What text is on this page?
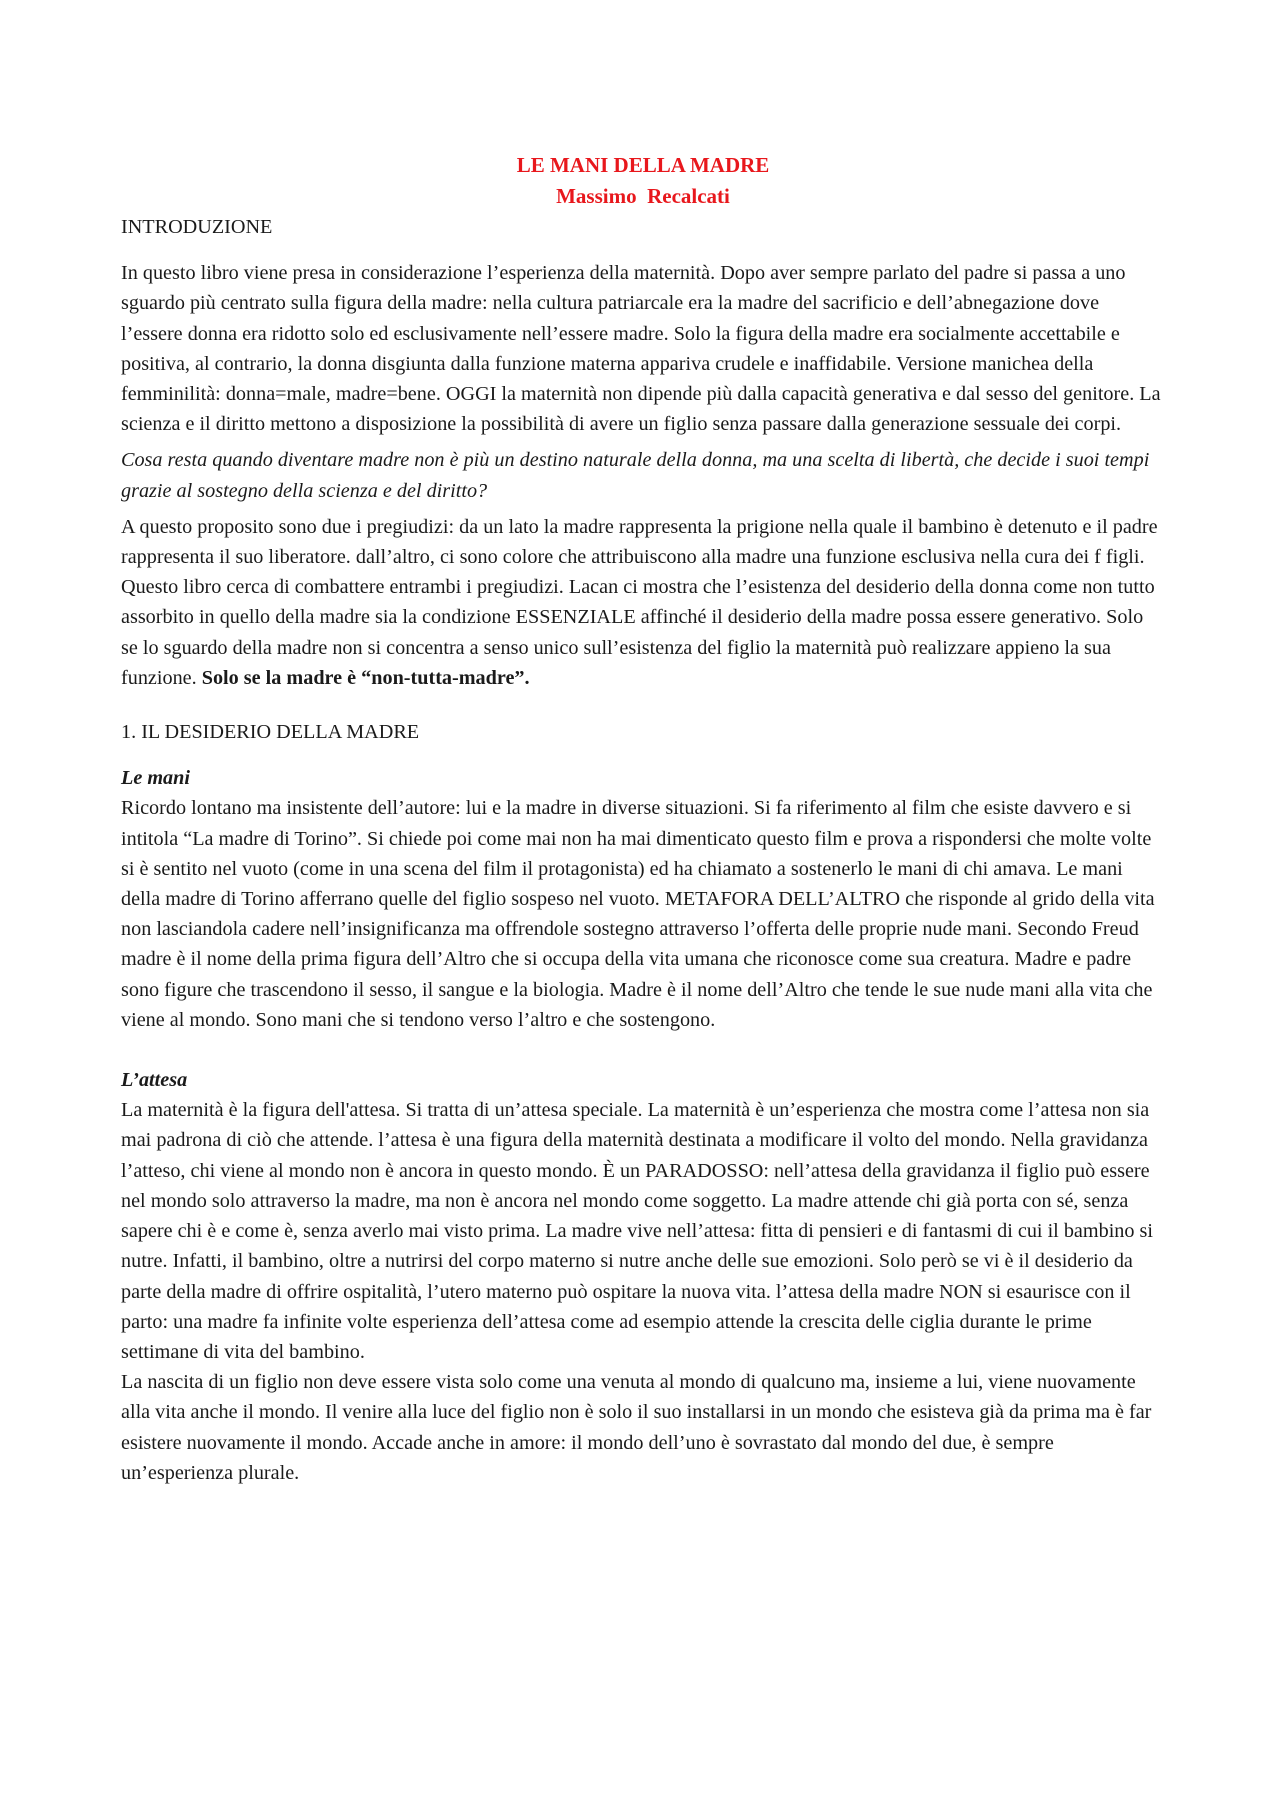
LE MANI DELLA MADRE
Massimo  Recalcati
INTRODUZIONE

In questo libro viene presa in considerazione l’esperienza della maternità. Dopo aver sempre parlato del padre si passa a uno sguardo più centrato sulla figura della madre: nella cultura patriarcale era la madre del sacrificio e dell’abnegazione dove l’essere donna era ridotto solo ed esclusivamente nell’essere madre. Solo la figura della madre era socialmente accettabile e positiva, al contrario, la donna disgiunta dalla funzione materna appariva crudele e inaffidabile. Versione manichea della femminilità: donna=male, madre=bene. OGGI la maternità non dipende più dalla capacità generativa e dal sesso del genitore. La scienza e il diritto mettono a disposizione la possibilità di avere un figlio senza passare dalla generazione sessuale dei corpi.

Cosa resta quando diventare madre non è più un destino naturale della donna, ma una scelta di libertà, che decide i suoi tempi grazie al sostegno della scienza e del diritto?

A questo proposito sono due i pregiudizi: da un lato la madre rappresenta la prigione nella quale il bambino è detenuto e il padre rappresenta il suo liberatore. dall’altro, ci sono colore che attribuiscono alla madre una funzione esclusiva nella cura dei f figli. Questo libro cerca di combattere entrambi i pregiudizi. Lacan ci mostra che l’esistenza del desiderio della donna come non tutto assorbito in quello della madre sia la condizione ESSENZIALE affinché il desiderio della madre possa essere generativo. Solo se lo sguardo della madre non si concentra a senso unico sull’esistenza del figlio la maternità può realizzare appieno la sua funzione. Solo se la madre è “non-tutta-madre”.

1. IL DESIDERIO DELLA MADRE

Le mani

Ricordo lontano ma insistente dell’autore: lui e la madre in diverse situazioni. Si fa riferimento al film che esiste davvero e si intitola “La madre di Torino”. Si chiede poi come mai non ha mai dimenticato questo film e prova a rispondersi che molte volte si è sentito nel vuoto (come in una scena del film il protagonista) ed ha chiamato a sostenerlo le mani di chi amava. Le mani della madre di Torino afferrano quelle del figlio sospeso nel vuoto. METAFORA DELL’ALTRO che risponde al grido della vita non lasciandola cadere nell’insignificanza ma offrendole sostegno attraverso l’offerta delle proprie nude mani. Secondo Freud madre è il nome della prima figura dell’Altro che si occupa della vita umana che riconosce come sua creatura. Madre e padre sono figure che trascendono il sesso, il sangue e la biologia. Madre è il nome dell’Altro che tende le sue nude mani alla vita che viene al mondo. Sono mani che si tendono verso l’altro e che sostengono.

L’attesa

La maternità è la figura dell'attesa. Si tratta di un’attesa speciale. La maternità è un’esperienza che mostra come l’attesa non sia mai padrona di ciò che attende. l’attesa è una figura della maternità destinata a modificare il volto del mondo. Nella gravidanza l’atteso, chi viene al mondo non è ancora in questo mondo. È un PARADOSSO: nell’attesa della gravidanza il figlio può essere nel mondo solo attraverso la madre, ma non è ancora nel mondo come soggetto. La madre attende chi già porta con sé, senza sapere chi è e come è, senza averlo mai visto prima. La madre vive nell’attesa: fitta di pensieri e di fantasmi di cui il bambino si nutre. Infatti, il bambino, oltre a nutrirsi del corpo materno si nutre anche delle sue emozioni. Solo però se vi è il desiderio da parte della madre di offrire ospitalità, l’utero materno può ospitare la nuova vita. l’attesa della madre NON si esaurisce con il parto: una madre fa infinite volte esperienza dell’attesa come ad esempio attende la crescita delle ciglia durante le prime settimane di vita del bambino.

La nascita di un figlio non deve essere vista solo come una venuta al mondo di qualcuno ma, insieme a lui, viene nuovamente alla vita anche il mondo. Il venire alla luce del figlio non è solo il suo installarsi in un mondo che esisteva già da prima ma è far esistere nuovamente il mondo. Accade anche in amore: il mondo dell’uno è sovrastato dal mondo del due, è sempre un’esperienza plurale.
